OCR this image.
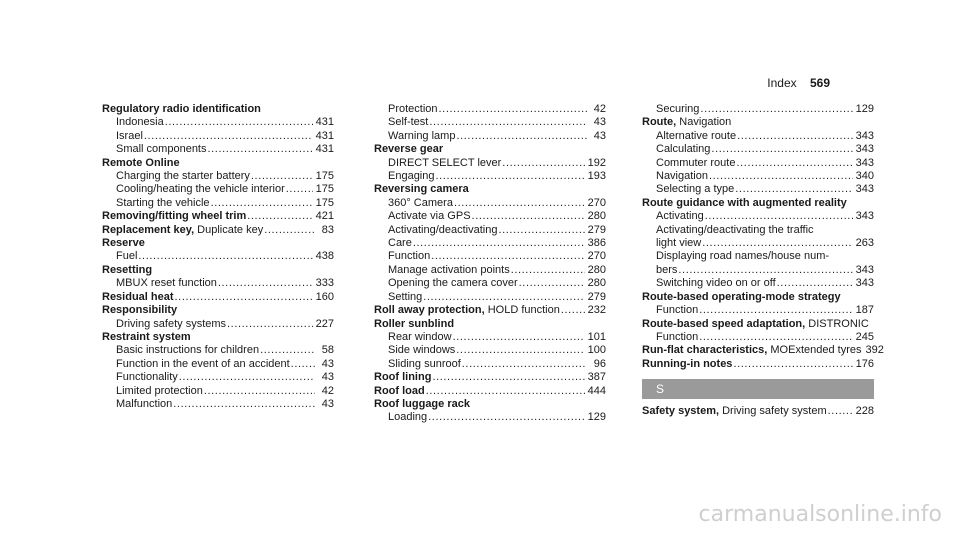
Index 569
Regulatory radio identification
Indonesia .....	431
Israel .....	431
Small components .....	431
Remote Online
Charging the starter battery .....	175
Cooling/heating the vehicle interior .....	175
Starting the vehicle .....	175
Removing/fitting wheel trim .....	421
Replacement key, Duplicate key .....	83
Reserve
Fuel .....	438
Resetting
MBUX reset function .....	333
Residual heat .....	160
Responsibility
Driving safety systems .....	227
Restraint system
Basic instructions for children .....	58
Function in the event of an accident .....	43
Functionality .....	43
Limited protection .....	42
Malfunction .....	43
Protection .....	42
Self-test .....	43
Warning lamp .....	43
Reverse gear
DIRECT SELECT lever .....	192
Engaging .....	193
Reversing camera
360° Camera .....	270
Activate via GPS .....	280
Activating/deactivating .....	279
Care .....	386
Function .....	270
Manage activation points .....	280
Opening the camera cover .....	280
Setting .....	279
Roll away protection, HOLD function .....	232
Roller sunblind
Rear window .....	101
Side windows .....	100
Sliding sunroof .....	96
Roof lining .....	387
Roof load .....	444
Roof luggage rack
Loading .....	129
Securing .....	129
Route, Navigation
Alternative route .....	343
Calculating .....	343
Commuter route .....	343
Navigation .....	340
Selecting a type .....	343
Route guidance with augmented reality
Activating .....	343
Activating/deactivating the traffic
light view .....	263
Displaying road names/house num-
bers .....	343
Switching video on or off .....	343
Route-based operating-mode strategy
Function .....	187
Route-based speed adaptation, DISTRONIC
Function .....	245
Run-flat characteristics, MOExtended tyres 392
Running-in notes .....	176
S
Safety system, Driving safety system .....	228
carmanualsonline.info
